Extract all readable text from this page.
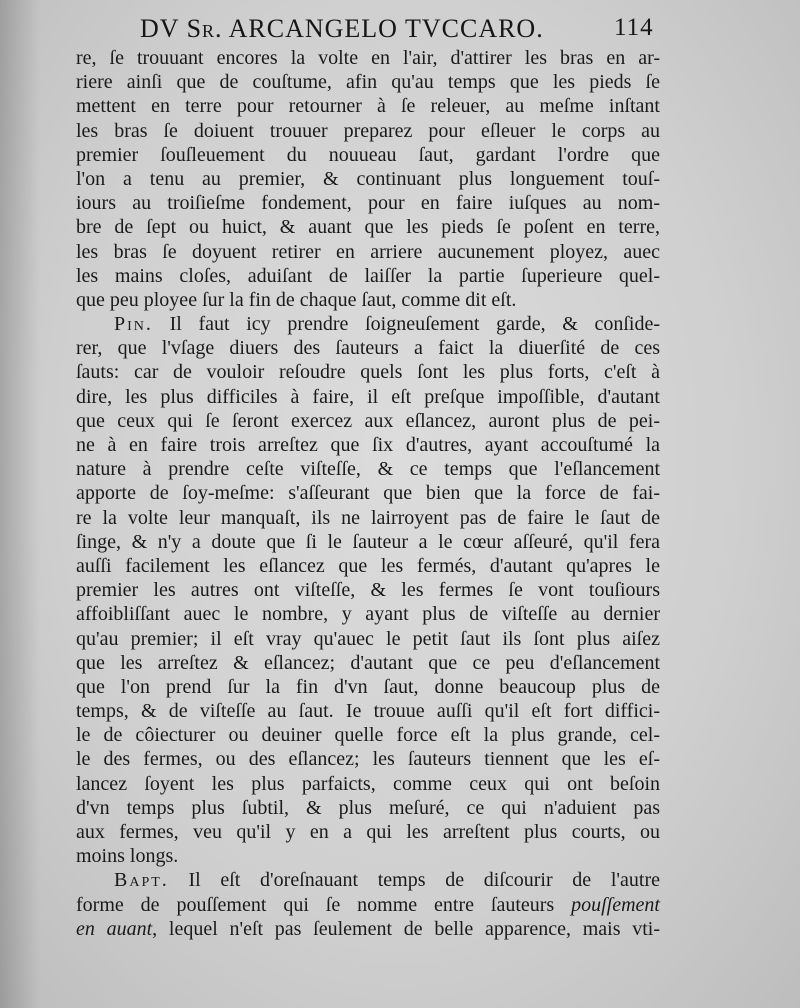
DV Sr. ARCANGELO TVCCARO.	114
re, ſe trouuant encores la volte en l'air, d'attirer les bras en ar-
riere ainſi que de couſtume, afin qu'au temps que les pieds ſe
mettent en terre pour retourner à ſe releuer, au meſme inſtant
les bras ſe doiuent trouuer preparez pour eſleuer le corps au
premier ſouſleuement du nouueau ſaut, gardant l'ordre que
l'on a tenu au premier, & continuant plus longuement touſ-
iours au troiſieſme fondement, pour en faire iuſques au nom-
bre de ſept ou huict, & auant que les pieds ſe poſent en terre,
les bras ſe doyuent retirer en arriere aucunement ployez, auec
les mains cloſes, aduiſant de laiſſer la partie ſuperieure quel-
que peu ployee ſur la fin de chaque ſaut, comme dit eſt.
Pin. Il faut icy prendre ſoigneuſement garde, & conſide-
rer, que l'vſage diuers des ſauteurs a faict la diuerſité de ces
ſauts: car de vouloir reſoudre quels ſont les plus forts, c'eſt à
dire, les plus difficiles à faire, il eſt preſque impoſſible, d'autant
que ceux qui ſe ſeront exercez aux eſlancez, auront plus de pei-
ne à en faire trois arreſtez que ſix d'autres, ayant accouſtumé la
nature à prendre ceſte viſteſſe, & ce temps que l'eſlancement
apporte de ſoy-meſme: s'aſſeurant que bien que la force de fai-
re la volte leur manquaſt, ils ne lairroyent pas de faire le ſaut de
ſinge, & n'y a doute que ſi le ſauteur a le cœur aſſeuré, qu'il fera
auſſi facilement les eſlancez que les fermés, d'autant qu'apres le
premier les autres ont viſteſſe, & les fermes ſe vont touſiours
affoibliſſant auec le nombre, y ayant plus de viſteſſe au dernier
qu'au premier; il eſt vray qu'auec le petit ſaut ils ſont plus aiſez
que les arreſtez & eſlancez; d'autant que ce peu d'eſlancement
que l'on prend ſur la fin d'vn ſaut, donne beaucoup plus de
temps, & de viſteſſe au ſaut. Ie trouue auſſi qu'il eſt fort diffici-
le de côiecturer ou deuiner quelle force eſt la plus grande, cel-
le des fermes, ou des eſlancez; les ſauteurs tiennent que les eſ-
lancez ſoyent les plus parfaicts, comme ceux qui ont beſoin
d'vn temps plus ſubtil, & plus meſuré, ce qui n'aduient pas
aux fermes, veu qu'il y en a qui les arreſtent plus courts, ou
moins longs.
Bapt. Il eſt d'oreſnauant temps de diſcourir de l'autre
forme de pouſſement qui ſe nomme entre ſauteurs pouſſement
en auant, lequel n'eſt pas ſeulement de belle apparence, mais vti-
